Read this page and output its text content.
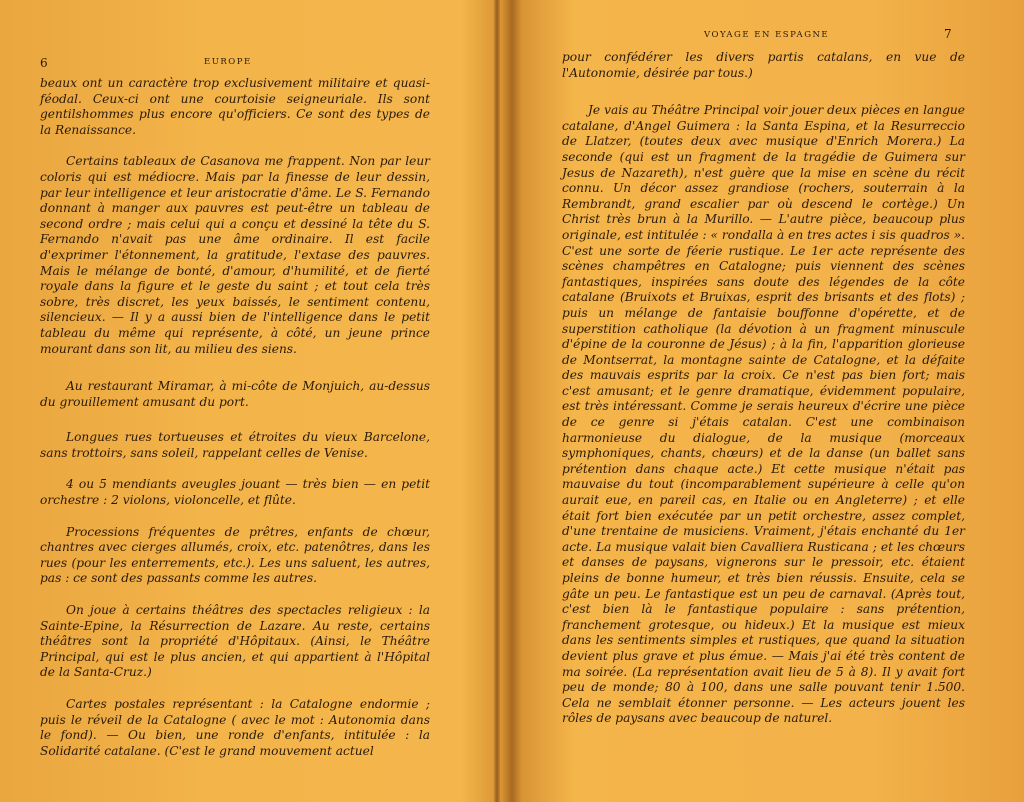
6	EUROPE

beaux ont un caractère trop exclusivement militaire et quasi-féodal. Ceux-ci ont une courtoisie seigneuriale. Ils sont gentilshommes plus encore qu'officiers. Ce sont des types de la Renaissance.

Certains tableaux de Casanova me frappent. Non par leur coloris qui est médiocre. Mais par la finesse de leur dessin, par leur intelligence et leur aristocratie d'âme. Le S. Fernando donnant à manger aux pauvres est peut-être un tableau de second ordre ; mais celui qui a conçu et dessiné la tête du S. Fernando n'avait pas une âme ordinaire. Il est facile d'exprimer l'étonnement, la gratitude, l'extase des pauvres. Mais le mélange de bonté, d'amour, d'humilité, et de fierté royale dans la figure et le geste du saint ; et tout cela très sobre, très discret, les yeux baissés, le sentiment contenu, silencieux. — Il y a aussi bien de l'intelligence dans le petit tableau du même qui représente, à côté, un jeune prince mourant dans son lit, au milieu des siens.

Au restaurant Miramar, à mi-côte de Monjuich, au-dessus du grouillement amusant du port.

Longues rues tortueuses et étroites du vieux Barcelone, sans trottoirs, sans soleil, rappelant celles de Venise.

4 ou 5 mendiants aveugles jouant — très bien — en petit orchestre : 2 violons, violoncelle, et flûte.

Processions fréquentes de prêtres, enfants de chœur, chantres avec cierges allumés, croix, etc. patenôtres, dans les rues (pour les enterrements, etc.). Les uns saluent, les autres, pas : ce sont des passants comme les autres.

On joue à certains théâtres des spectacles religieux : la Sainte-Epine, la Résurrection de Lazare. Au reste, certains théâtres sont la propriété d'Hôpitaux. (Ainsi, le Théâtre Principal, qui est le plus ancien, et qui appartient à l'Hôpital de la Santa-Cruz.)

Cartes postales représentant : la Catalogne endormie ; puis le réveil de la Catalogne ( avec le mot : Autonomia dans le fond). — Ou bien, une ronde d'enfants, intitulée : la Solidarité catalane. (C'est le grand mouvement actuel

VOYAGE EN ESPAGNE	7

pour confédérer les divers partis catalans, en vue de l'Autonomie, désirée par tous.)

Je vais au Théâtre Principal voir jouer deux pièces en langue catalane, d'Angel Guimera : la Santa Espina, et la Resurreccio de Llatzer, (toutes deux avec musique d'Enrich Morera.) La seconde (qui est un fragment de la tragédie de Guimera sur Jesus de Nazareth), n'est guère que la mise en scène du récit connu. Un décor assez grandiose (rochers, souterrain à la Rembrandt, grand escalier par où descend le cortège.) Un Christ très brun à la Murillo. — L'autre pièce, beaucoup plus originale, est intitulée : « rondalla à en tres actes i sis quadros ». C'est une sorte de féerie rustique. Le 1er acte représente des scènes champêtres en Catalogne; puis viennent des scènes fantastiques, inspirées sans doute des légendes de la côte catalane (Bruixots et Bruixas, esprit des brisants et des flots) ; puis un mélange de fantaisie bouffonne d'opérette, et de superstition catholique (la dévotion à un fragment minuscule d'épine de la couronne de Jésus) ; à la fin, l'apparition glorieuse de Montserrat, la montagne sainte de Catalogne, et la défaite des mauvais esprits par la croix. Ce n'est pas bien fort; mais c'est amusant; et le genre dramatique, évidemment populaire, est très intéressant. Comme je serais heureux d'écrire une pièce de ce genre si j'étais catalan. C'est une combinaison harmonieuse du dialogue, de la musique (morceaux symphoniques, chants, chœurs) et de la danse (un ballet sans prétention dans chaque acte.) Et cette musique n'était pas mauvaise du tout (incomparablement supérieure à celle qu'on aurait eue, en pareil cas, en Italie ou en Angleterre) ; et elle était fort bien exécutée par un petit orchestre, assez complet, d'une trentaine de musiciens. Vraiment, j'étais enchanté du 1er acte. La musique valait bien Cavalliera Rusticana ; et les chœurs et danses de paysans, vignerons sur le pressoir, etc. étaient pleins de bonne humeur, et très bien réussis. Ensuite, cela se gâte un peu. Le fantastique est un peu de carnaval. (Après tout, c'est bien là le fantastique populaire : sans prétention, franchement grotesque, ou hideux.) Et la musique est mieux dans les sentiments simples et rustiques, que quand la situation devient plus grave et plus émue. — Mais j'ai été très content de ma soirée. (La représentation avait lieu de 5 à 8). Il y avait fort peu de monde; 80 à 100, dans une salle pouvant tenir 1.500. Cela ne semblait étonner personne. — Les acteurs jouent les rôles de paysans avec beaucoup de naturel.
